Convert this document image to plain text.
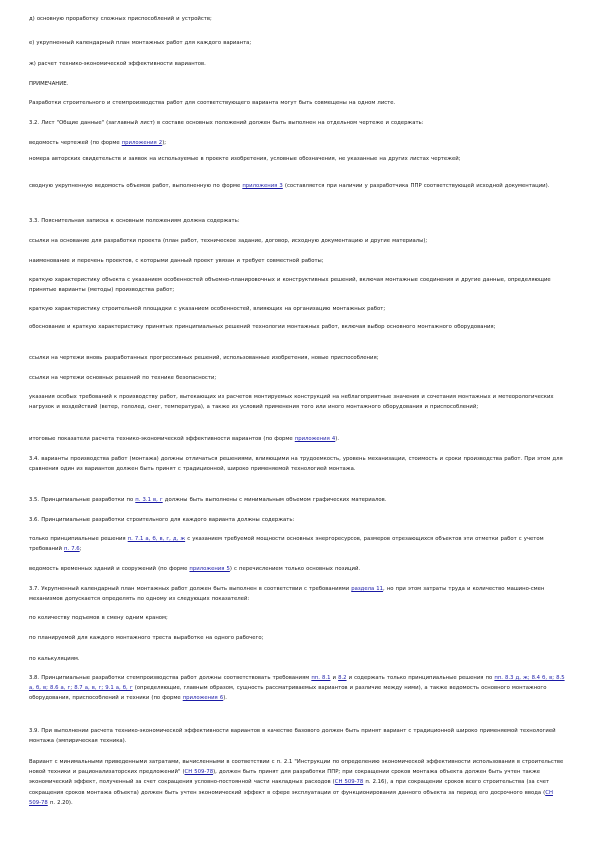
д) основную проработку сложных приспособлений и устройств;

е) укрупненный календарный план монтажных работ для каждого варианта;

ж) расчет технико-экономической эффективности вариантов.

ПРИМЕЧАНИЕ.

Разработки строительного и стемпроизводства работ для соответствующего варианта могут быть совмещены на одном листе.

3.2. Лист "Общие данные" (заглавный лист) в составе основных положений должен быть выполнен на отдельном чертеже и содержать:

ведомость чертежей (по форме приложения 2);

номера авторских свидетельств и заявок на используемые в проекте изобретения, условные обозначения, не указанные на других листах чертежей;

сводную укрупненную ведомость объемов работ, выполненную по форме приложения 3 (составляется при наличии у разработчика ППР соответствующей исходной документации).

3.3. Пояснительная записка к основным положениям должна содержать:

ссылки на основание для разработки проекта (план работ, техническое задание, договор, исходную документацию и другие материалы);

наименование и перечень проектов, с которыми данный проект увязан и требует совместной работы;

краткую характеристику объекта с указанием особенностей объемно-планировочных и конструктивных решений, включая монтажные соединения и другие данные, определяющие принятые варианты (методы) производства работ;

краткую характеристику строительной площадки с указанием особенностей, влияющих на организацию монтажных работ;

обоснование и краткую характеристику принятых принципиальных решений технологии монтажных работ, включая выбор основного монтажного оборудования;

ссылки на чертежи вновь разработанных прогрессивных решений, использованные изобретения, новые приспособления;

ссылки на чертежи основных решений по технике безопасности;

указания особых требований к производству работ, вытекающих из расчетов монтируемых конструкций на неблагоприятные значения и сочетания монтажных и метеорологических нагрузок и воздействий (ветер, гололед, снег, температура), а также из условий применения того или иного монтажного оборудования и приспособлений;

итоговые показатели расчета технико-экономической эффективности вариантов (по форме приложения 4).

3.4. варианты производства работ (монтажа) должны отличаться решениями, влияющими на трудоемкость, уровень механизации, стоимость и сроки производства работ. При этом для сравнения один из вариантов должен быть принят с традиционной, широко применяемой технологией монтажа.

3.5. Принципиальные разработки по п. 3.1 в, г должны быть выполнены с минимальным объемом графических материалов.

3.6. Принципиальные разработки строительного для каждого варианта должны содержать:

только принципиальные решения п. 7.1 а, б, в, г, д, ж с указанием требуемой мощности основных энергоресурсов, размеров отрезающихся объектов эти отметки работ с учетом требований п. 7.6;

ведомость временных зданий и сооружений (по форме приложения 5) с перечислением только основных позиций.

3.7. Укрупненный календарный план монтажных работ должен быть выполнен в соответствии с требованиями раздела 11, но при этом затраты труда и количество машино-смен механизмов допускается определять по одному из следующих показателей:

по количеству подъемов в смену одним краном;

по планируемой для каждого монтажного треста выработке на одного рабочего;

по калькуляциям.

3.8. Принципиальные разработки стемпроизводства работ должны соответствовать требованиям пп. 8.1 и 8.2 и содержать только принципиальные решения по пп. 8.3 д, ж; 8.4 б, в; 8.5 а, б, в; 8.6 а, г; 8.7 а, в, г; 9.1 а, б, г (определяющие, главным образом, сущность рассматриваемых вариантов и различие между ними), а также ведомость основного монтажного оборудования, приспособлений и техники (по форме приложения 6).

3.9. При выполнении расчета технико-экономической эффективности вариантов в качестве базового должен быть принят вариант с традиционной широко применяемой технологией монтажа (эмпирическая техника).

Вариант с минимальными приведенными затратами, вычисленными в соответствии с п. 2.1 "Инструкции по определению экономической эффективности использования в строительстве новой техники и рационализаторских предложений" (СН 509-78), должен быть принят для разработки ППР; при сокращении сроков монтажа объекта должен быть учтен также экономический эффект, полученный за счет сокращения условно-постоянной части накладных расходов (СН 509-78 п. 2.16), а при сокращении сроков всего строительства (за счет сокращения сроков монтажа объекта) должен быть учтен экономический эффект в сфере эксплуатации от функционирования данного объекта за период его досрочного ввода (СН 509-78 п. 2.20).
